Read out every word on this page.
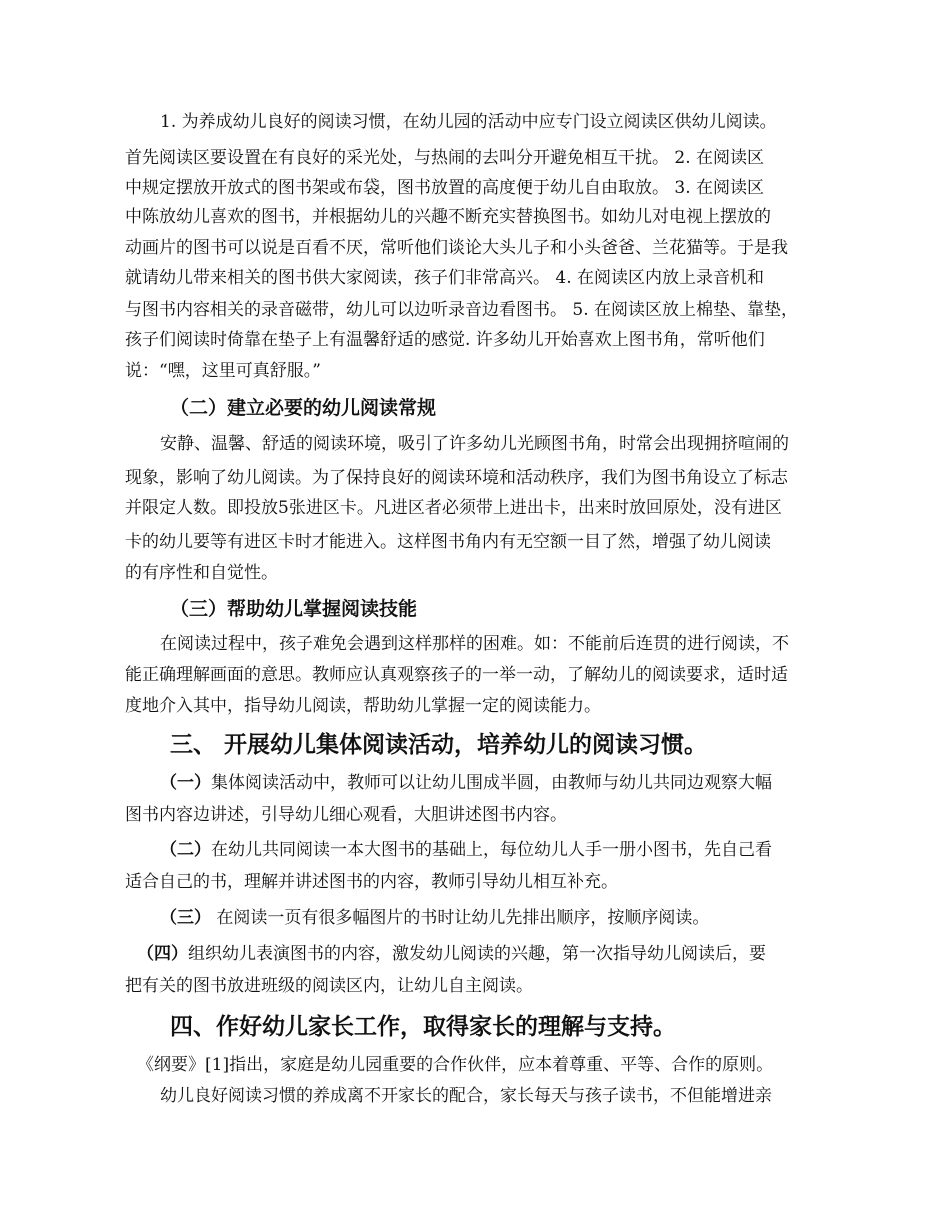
1. 为养成幼儿良好的阅读习惯，在幼儿园的活动中应专门设立阅读区供幼儿阅读。
首先阅读区要设置在有良好的采光处，与热闹的去叫分开避免相互干扰。 2. 在阅读区
中规定摆放开放式的图书架或布袋，图书放置的高度便于幼儿自由取放。 3. 在阅读区
中陈放幼儿喜欢的图书，并根据幼儿的兴趣不断充实替换图书。如幼儿对电视上摆放的
动画片的图书可以说是百看不厌，常听他们谈论大头儿子和小头爸爸、兰花猫等。于是我
就请幼儿带来相关的图书供大家阅读，孩子们非常高兴。 4. 在阅读区内放上录音机和
与图书内容相关的录音磁带，幼儿可以边听录音边看图书。 5. 在阅读区放上棉垫、靠垫，
孩子们阅读时倚靠在垫子上有温馨舒适的感觉. 许多幼儿开始喜欢上图书角，常听他们
说：“嘿，这里可真舒服。”
（二）建立必要的幼儿阅读常规
安静、温馨、舒适的阅读环境，吸引了许多幼儿光顾图书角，时常会出现拥挤喧闹的
现象，影响了幼儿阅读。为了保持良好的阅读环境和活动秩序，我们为图书角设立了标志
并限定人数。即投放5张进区卡。凡进区者必须带上进出卡，出来时放回原处，没有进区
卡的幼儿要等有进区卡时才能进入。这样图书角内有无空额一目了然，增强了幼儿阅读
的有序性和自觉性。
（三）帮助幼儿掌握阅读技能
在阅读过程中，孩子难免会遇到这样那样的困难。如：不能前后连贯的进行阅读，不
能正确理解画面的意思。教师应认真观察孩子的一举一动，了解幼儿的阅读要求，适时适
度地介入其中，指导幼儿阅读，帮助幼儿掌握一定的阅读能力。
三、 开展幼儿集体阅读活动，培养幼儿的阅读习惯。
（一）集体阅读活动中，教师可以让幼儿围成半圆，由教师与幼儿共同边观察大幅
图书内容边讲述，引导幼儿细心观看，大胆讲述图书内容。
（二）在幼儿共同阅读一本大图书的基础上，每位幼儿人手一册小图书，先自己看
适合自己的书，理解并讲述图书的内容，教师引导幼儿相互补充。
（三） 在阅读一页有很多幅图片的书时让幼儿先排出顺序，按顺序阅读。
（四）组织幼儿表演图书的内容，激发幼儿阅读的兴趣，第一次指导幼儿阅读后，要
把有关的图书放进班级的阅读区内，让幼儿自主阅读。
四、作好幼儿家长工作，取得家长的理解与支持。
《纲要》[1]指出，家庭是幼儿园重要的合作伙伴，应本着尊重、平等、合作的原则。
幼儿良好阅读习惯的养成离不开家长的配合，家长每天与孩子读书，不但能增进亲
